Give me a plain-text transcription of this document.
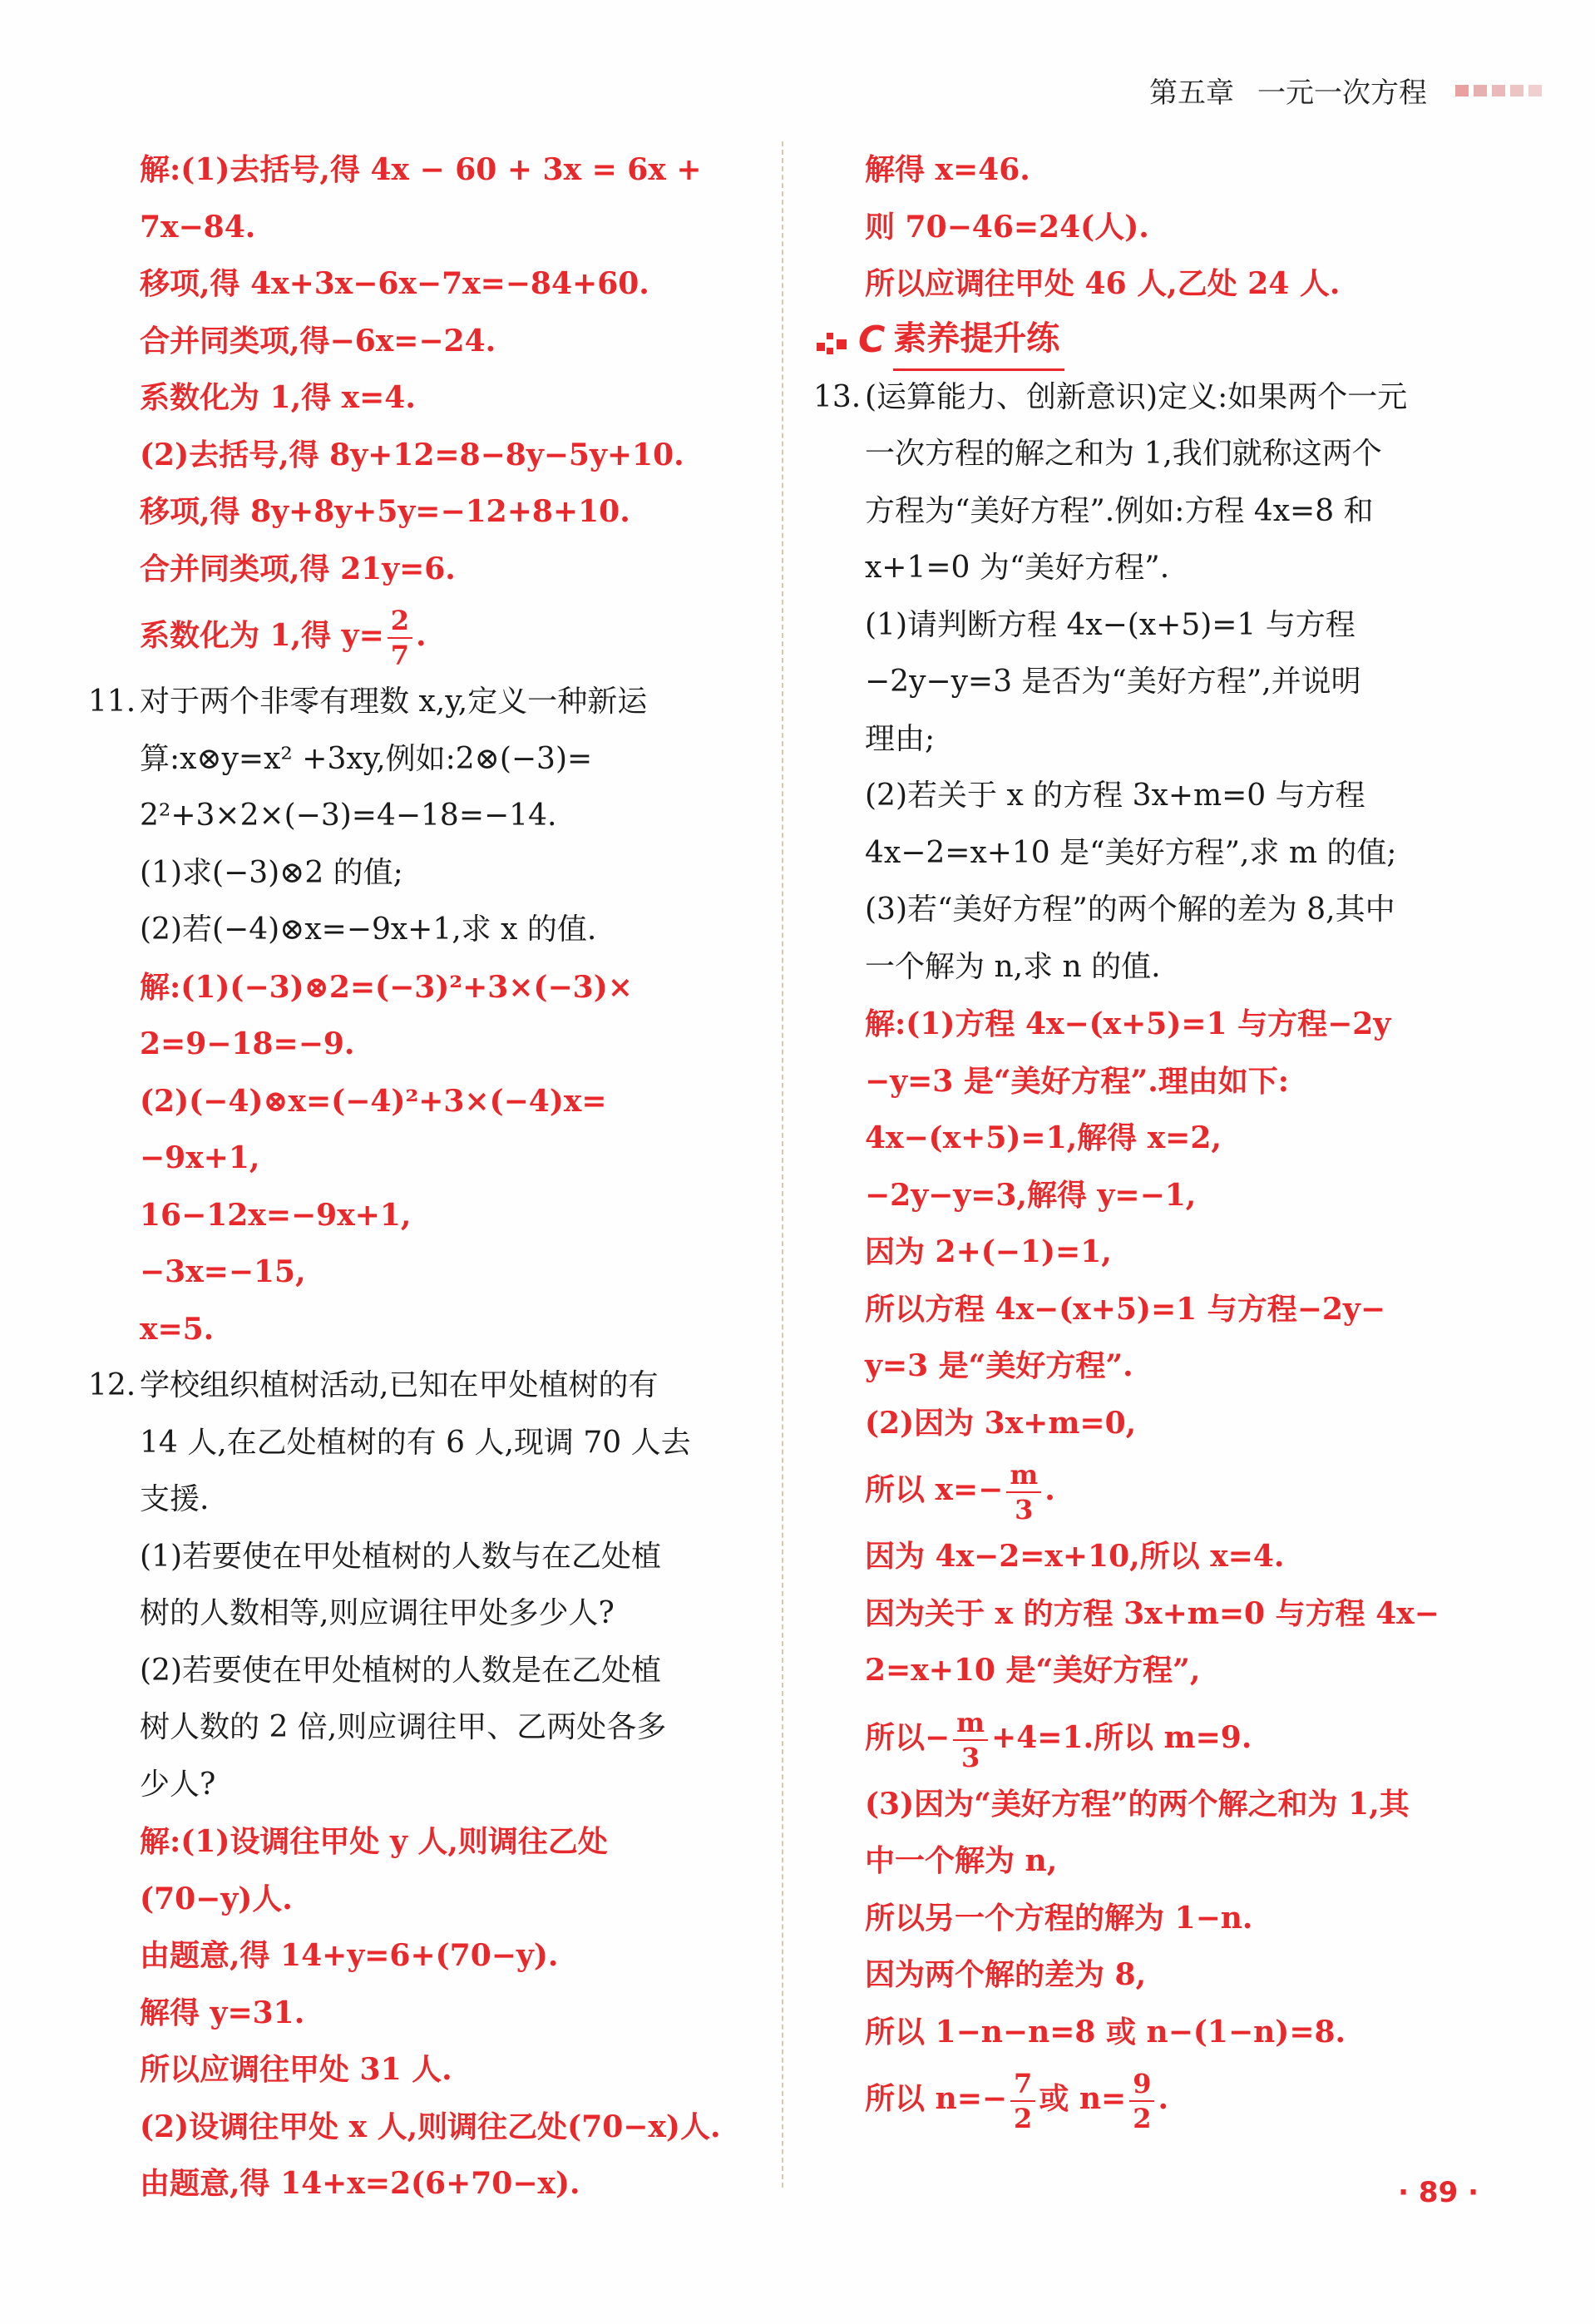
第五章 一元一次方程
解:(1)去括号,得 4x − 60 + 3x = 6x +
7x−84.
移项,得 4x+3x−6x−7x=−84+60.
合并同类项,得−6x=−24.
系数化为 1,得 x=4.
(2)去括号,得 8y+12=8−8y−5y+10.
移项,得 8y+8y+5y=−12+8+10.
合并同类项,得 21y=6.
系数化为 1,得 $y= \frac{2}{7}$ .
11. 对于两个非零有理数 x,y,定义一种新运
算:x⊗y=x² +3xy,例如:2⊗(−3)=
2²+3×2×(−3)=4−18=−14.
(1)求(−3)⊗2 的值;
(2)若(−4)⊗x=−9x+1,求 x 的值.
解:(1)(−3)⊗2=(−3)²+3×(−3)×
2=9−18=−9.
(2)(−4)⊗x=(−4)²+3×(−4)x=
−9x+1,
16−12x=−9x+1,
−3x=−15,
x=5.
12. 学校组织植树活动,已知在甲处植树的有
14 人,在乙处植树的有 6 人,现调 70 人去
支援.
(1)若要使在甲处植树的人数与在乙处植
树的人数相等,则应调往甲处多少人?
(2)若要使在甲处植树的人数是在乙处植
树人数的 2 倍,则应调往甲、乙两处各多
少人?
解:(1)设调往甲处 y 人,则调往乙处
(70−y)人.
由题意,得 14+y=6+(70−y).
解得 y=31.
所以应调往甲处 31 人.
(2)设调往甲处 x 人,则调往乙处(70−x)人.
由题意,得 14+x=2(6+70−x).
解得 x=46.
则 70−46=24(人).
所以应调往甲处 46 人,乙处 24 人.
C 素养提升练
13. (运算能力、创新意识)定义:如果两个一元
一次方程的解之和为 1,我们就称这两个
方程为“美好方程”.例如:方程 4x=8 和
x+1=0 为“美好方程”.
(1)请判断方程 4x−(x+5)=1 与方程
−2y−y=3 是否为“美好方程”,并说明
理由;
(2)若关于 x 的方程 3x+m=0 与方程
4x−2=x+10 是“美好方程”,求 m 的值;
(3)若“美好方程”的两个解的差为 8,其中
一个解为 n,求 n 的值.
解:(1)方程 4x−(x+5)=1 与方程−2y
−y=3 是“美好方程”.理由如下:
4x−(x+5)=1,解得 x=2,
−2y−y=3,解得 y=−1,
因为 2+(−1)=1,
所以方程 4x−(x+5)=1 与方程−2y−
y=3 是“美好方程”.
(2)因为 3x+m=0,
所以 $x=- \frac{m}{3}$ .
因为 4x−2=x+10,所以 x=4.
因为关于 x 的方程 3x+m=0 与方程 4x−
2=x+10 是“美好方程”,
所以− $\frac{m}{3} +4=1$.所以 m=9.
(3)因为“美好方程”的两个解之和为 1,其
中一个解为 n,
所以另一个方程的解为 1−n.
因为两个解的差为 8,
所以 1−n−n=8 或 n−(1−n)=8.
所以 $n=- \frac{7}{2}$ 或 $n= \frac{9}{2}$ .
· 89 ·
